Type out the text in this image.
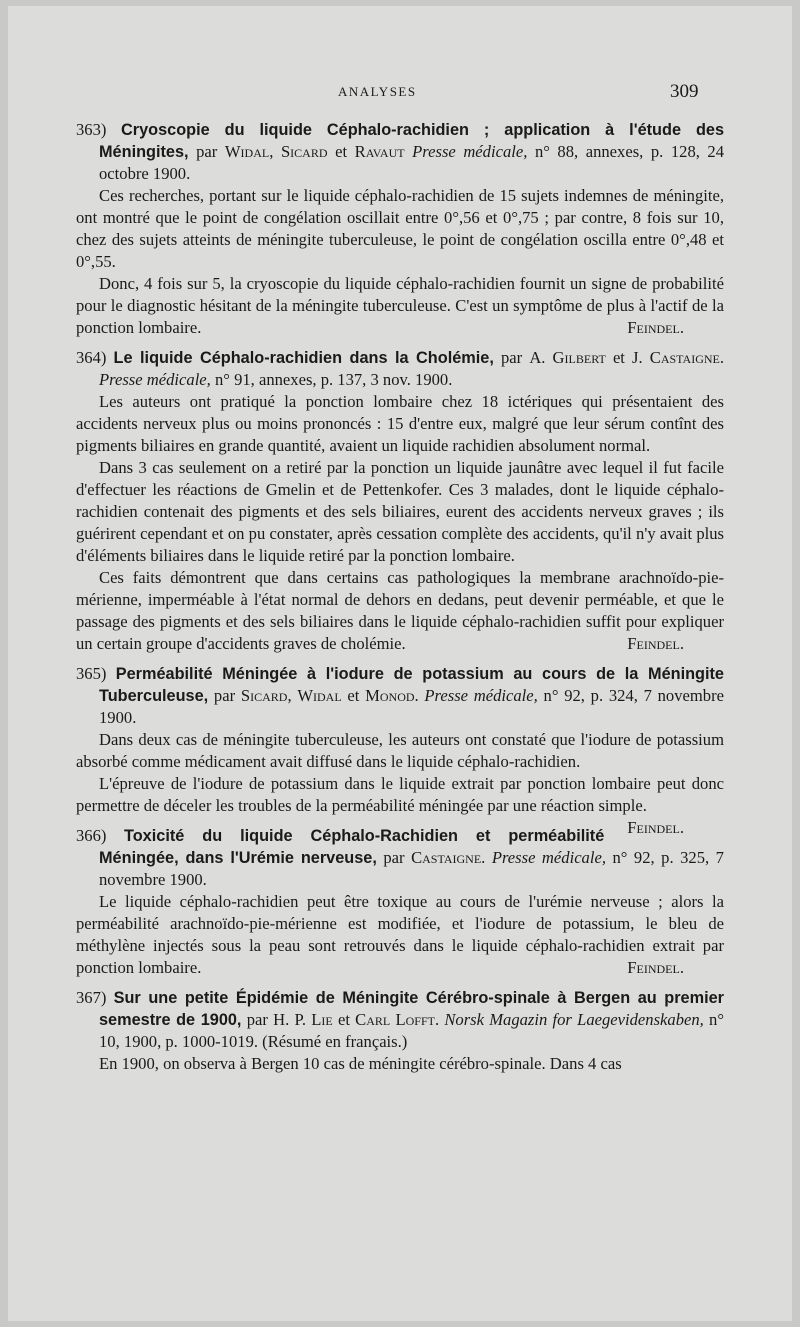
ANALYSES	309

363) Cryoscopie du liquide Céphalo-rachidien ; application à l'étude des Méningites, par Widal, Sicard et Ravaut Presse médicale, n° 88, annexes, p. 128, 24 octobre 1900.

Ces recherches, portant sur le liquide céphalo-rachidien de 15 sujets indemnes de méningite, ont montré que le point de congélation oscillait entre 0°,56 et 0°,75 ; par contre, 8 fois sur 10, chez des sujets atteints de méningite tuberculeuse, le point de congélation oscilla entre 0°,48 et 0°,55.

Donc, 4 fois sur 5, la cryoscopie du liquide céphalo-rachidien fournit un signe de probabilité pour le diagnostic hésitant de la méningite tuberculeuse. C'est un symptôme de plus à l'actif de la ponction lombaire.	Feindel.

364) Le liquide Céphalo-rachidien dans la Cholémie, par A. Gilbert et J. Castaigne. Presse médicale, n° 91, annexes, p. 137, 3 nov. 1900.

Les auteurs ont pratiqué la ponction lombaire chez 18 ictériques qui présentaient des accidents nerveux plus ou moins prononcés : 15 d'entre eux, malgré que leur sérum contînt des pigments biliaires en grande quantité, avaient un liquide rachidien absolument normal.

Dans 3 cas seulement on a retiré par la ponction un liquide jaunâtre avec lequel il fut facile d'effectuer les réactions de Gmelin et de Pettenkofer. Ces 3 malades, dont le liquide céphalo-rachidien contenait des pigments et des sels biliaires, eurent des accidents nerveux graves ; ils guérirent cependant et on pu constater, après cessation complète des accidents, qu'il n'y avait plus d'éléments biliaires dans le liquide retiré par la ponction lombaire.

Ces faits démontrent que dans certains cas pathologiques la membrane arachnoïdo-pie-mérienne, imperméable à l'état normal de dehors en dedans, peut devenir perméable, et que le passage des pigments et des sels biliaires dans le liquide céphalo-rachidien suffit pour expliquer un certain groupe d'accidents graves de cholémie.	Feindel.

365) Perméabilité Méningée à l'iodure de potassium au cours de la Méningite Tuberculeuse, par Sicard, Widal et Monod. Presse médicale, n° 92, p. 324, 7 novembre 1900.

Dans deux cas de méningite tuberculeuse, les auteurs ont constaté que l'iodure de potassium absorbé comme médicament avait diffusé dans le liquide céphalo-rachidien.

L'épreuve de l'iodure de potassium dans le liquide extrait par ponction lombaire peut donc permettre de déceler les troubles de la perméabilité méningée par une réaction simple.
Feindel.

366) Toxicité du liquide Céphalo-Rachidien et perméabilité Méningée, dans l'Urémie nerveuse, par Castaigne. Presse médicale, n° 92, p. 325, 7 novembre 1900.

Le liquide céphalo-rachidien peut être toxique au cours de l'urémie nerveuse ; alors la perméabilité arachnoïdo-pie-mérienne est modifiée, et l'iodure de potassium, le bleu de méthylène injectés sous la peau sont retrouvés dans le liquide céphalo-rachidien extrait par ponction lombaire.	Feindel.

367) Sur une petite Épidémie de Méningite Cérébro-spinale à Bergen au premier semestre de 1900, par H. P. Lie et Carl Lofft. Norsk Magazin for Laegevidenskaben, n° 10, 1900, p. 1000-1019. (Résumé en français.)

En 1900, on observa à Bergen 10 cas de méningite cérébro-spinale. Dans 4 cas
